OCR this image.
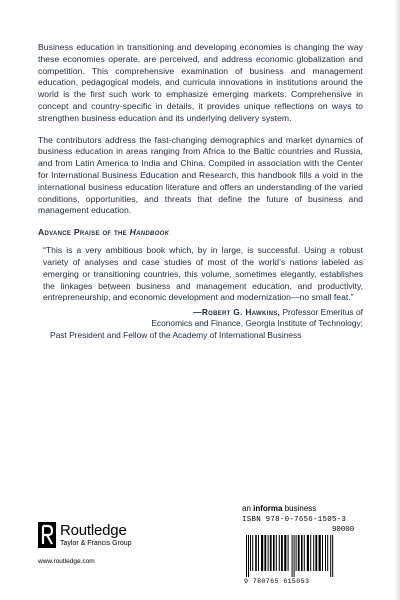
Business education in transitioning and developing economies is changing the way these economies operate, are perceived, and address economic globalization and competition. This comprehensive examination of business and management education, pedagogical models, and curricula innovations in institutions around the world is the first such work to emphasize emerging markets. Comprehensive in concept and country-specific in details, it provides unique reflections on ways to strengthen business education and its underlying delivery system.

The contributors address the fast-changing demographics and market dynamics of business education in areas ranging from Africa to the Baltic countries and Russia, and from Latin America to India and China. Compiled in association with the Center for International Business Education and Research, this handbook fills a void in the international business education literature and offers an understanding of the varied conditions, opportunities, and threats that define the future of business and management education.

Advance Praise of the Handbook
“This is a very ambitious book which, by in large, is successful. Using a robust variety of analyses and case studies of most of the world’s nations labeled as emerging or transitioning countries, this volume, sometimes elegantly, establishes the linkages between business and management education, and productivity, entrepreneurship, and economic development and modernization—no small feat.”
—Robert G. Hawkins, Professor Emeritus of
Economics and Finance, Georgia Institute of Technology;
Past President and Fellow of the Academy of International Business
Routledge
Taylor & Francis Group
www.routledge.com
an informa business
ISBN 978-0-7656-1505-3
90000
9 780765 615053
